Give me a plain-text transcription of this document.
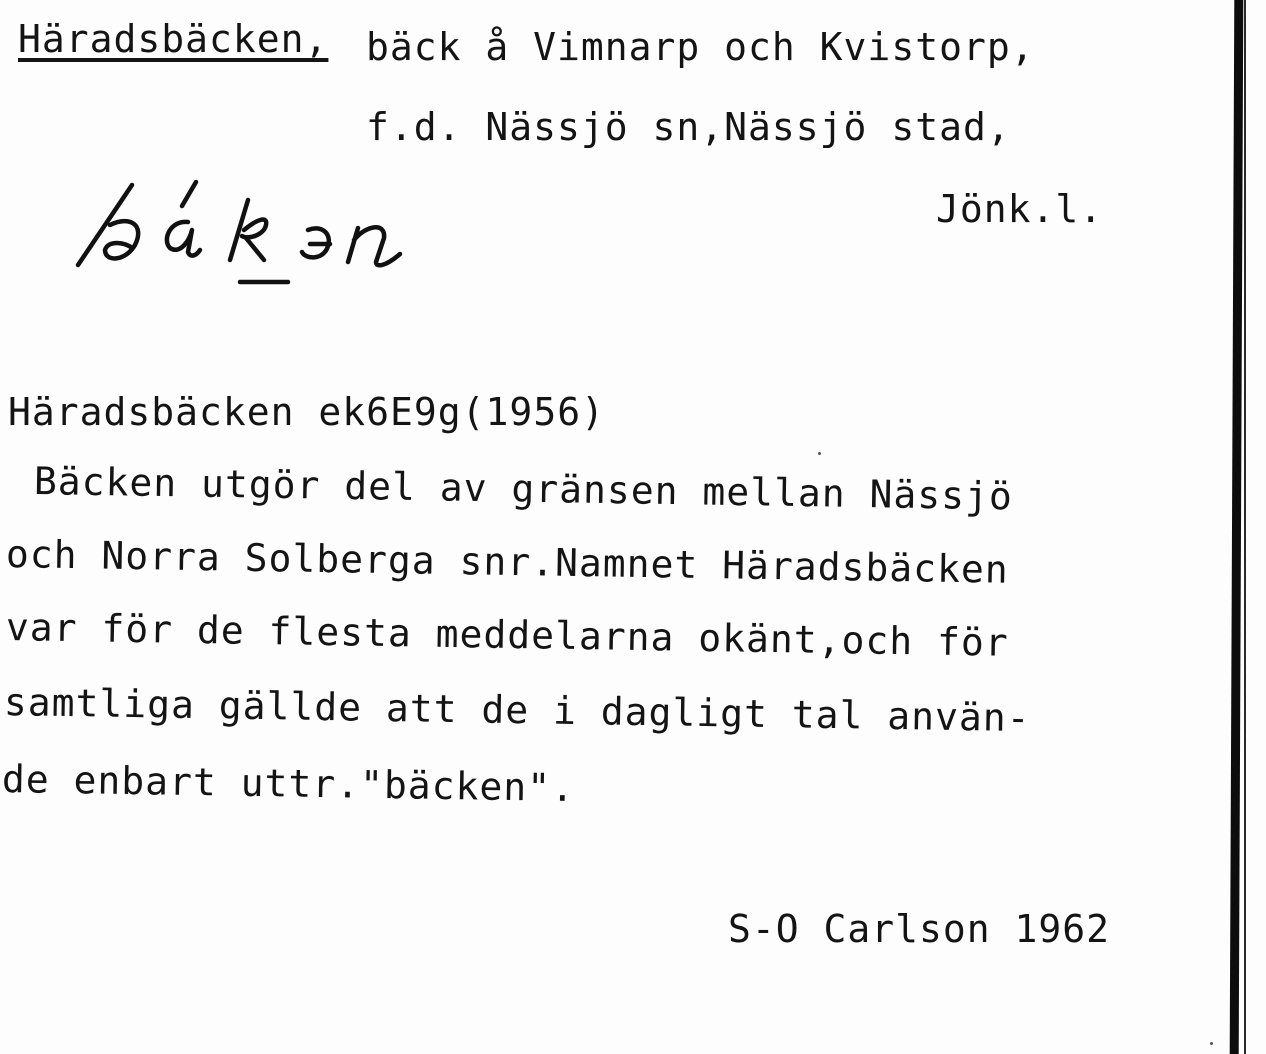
Häradsbäcken, bäck å Vimnarp och Kvistorp,
f.d. Nässjö sn,Nässjö stad,
Jönk.l.
Häradsbäcken ek6E9g(1956)
Bäcken utgör del av gränsen mellan Nässjö
och Norra Solberga snr.Namnet Häradsbäcken
var för de flesta meddelarna okänt,och för
samtliga gällde att de i dagligt tal använ-
de enbart uttr."bäcken".
S-O Carlson 1962
